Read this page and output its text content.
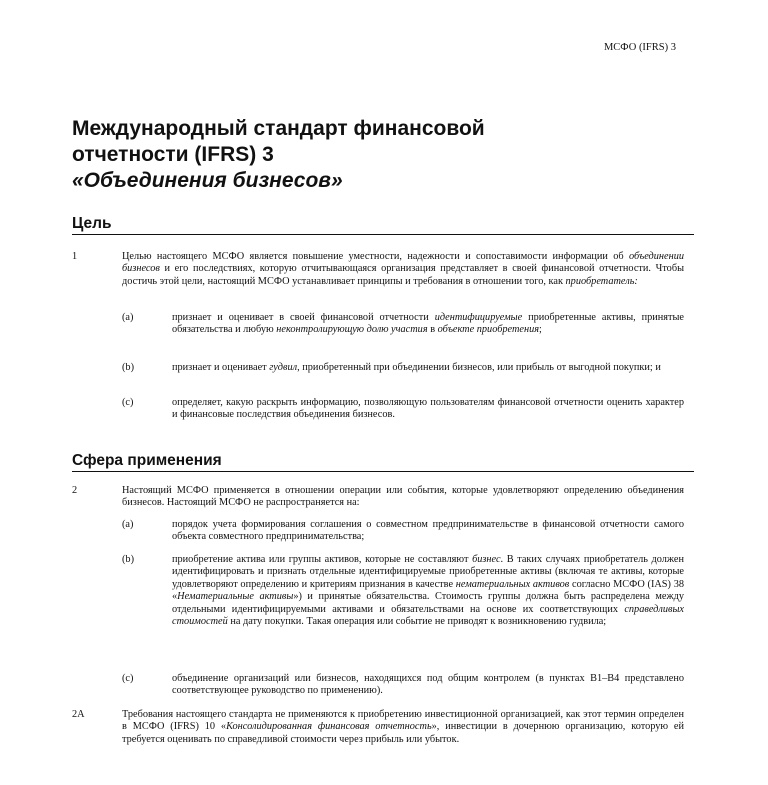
МСФО (IFRS) 3
Международный стандарт финансовой
отчетности (IFRS) 3
«Объединения бизнесов»
Цель
1	Целью настоящего МСФО является повышение уместности, надежности и сопоставимости информации об объединении бизнесов и его последствиях, которую отчитывающаяся организация представляет в своей финансовой отчетности. Чтобы достичь этой цели, настоящий МСФО устанавливает принципы и требования в отношении того, как приобретатель:
(a)	признает и оценивает в своей финансовой отчетности идентифицируемые приобретенные активы, принятые обязательства и любую неконтролирующую долю участия в объекте приобретения;
(b)	признает и оценивает гудвил, приобретенный при объединении бизнесов, или прибыль от выгодной покупки; и
(c)	определяет, какую раскрыть информацию, позволяющую пользователям финансовой отчетности оценить характер и финансовые последствия объединения бизнесов.
Сфера применения
2	Настоящий МСФО применяется в отношении операции или события, которые удовлетворяют определению объединения бизнесов. Настоящий МСФО не распространяется на:
(a)	порядок учета формирования соглашения о совместном предпринимательстве в финансовой отчетности самого объекта совместного предпринимательства;
(b)	приобретение актива или группы активов, которые не составляют бизнес. В таких случаях приобретатель должен идентифицировать и признать отдельные идентифицируемые приобретенные активы (включая те активы, которые удовлетворяют определению и критериям признания в качестве нематериальных активов согласно МСФО (IAS) 38 «Нематериальные активы») и принятые обязательства. Стоимость группы должна быть распределена между отдельными идентифицируемыми активами и обязательствами на основе их соответствующих справедливых стоимостей на дату покупки. Такая операция или событие не приводят к возникновению гудвила;
(c)	объединение организаций или бизнесов, находящихся под общим контролем (в пунктах B1–B4 представлено соответствующее руководство по применению).
2A	Требования настоящего стандарта не применяются к приобретению инвестиционной организацией, как этот термин определен в МСФО (IFRS) 10 «Консолидированная финансовая отчетность», инвестиции в дочернюю организацию, которую ей требуется оценивать по справедливой стоимости через прибыль или убыток.
